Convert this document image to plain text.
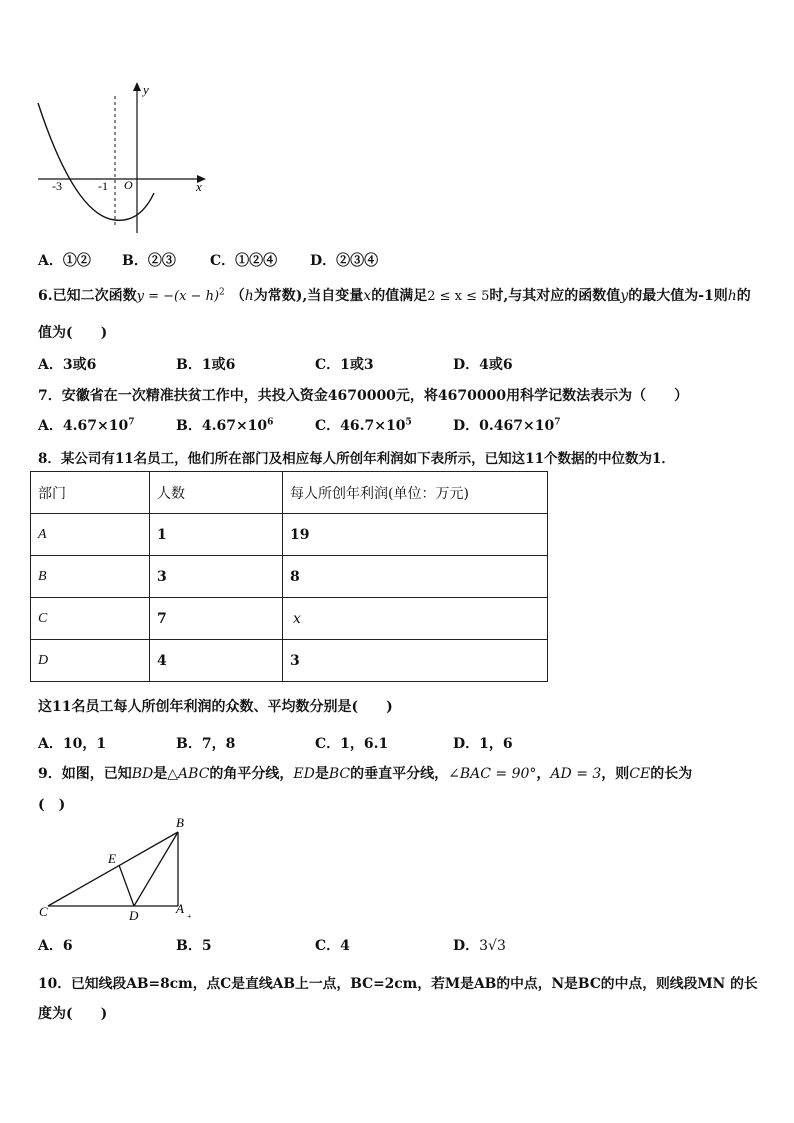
y
x
-3	-1 O
A．①② B．②③ C．①②④ D．②③④
6.已知二次函数$y = -(x - h)^2$ （h为常数),当自变量x的值满足2 ≤ x ≤ 5时,与其对应的函数值y的最大值为-1则h的
值为(　　)
A．3或6	B．1或6	C．1或3	D．4或6
7．安徽省在一次精准扶贫工作中，共投入资金4670000元，将4670000用科学记数法表示为（　　）
A．$4.67\times 10^7$	B．$4.67\times 10^6$	C．$46.7\times 10^5$	D．$0.467\times 10^7$
8．某公司有11名员工，他们所在部门及相应每人所创年利润如下表所示，已知这11个数据的中位数为1．
部门	人数	每人所创年利润(单位：万元)
A	1	19
B	3	8
C	7	x
D	4	3
这11名员工每人所创年利润的众数、平均数分别是(　　)
A．10，1	B．7，8	C．1，6.1	D．1，6
9．如图，已知BD是△ABC的角平分线，ED是BC的垂直平分线，∠BAC = 90°，AD = 3，则CE的长为
(　)
B
E
C	D	A
+
A．6	B．5	C．4	D．3√3
10．已知线段AB=8cm，点C是直线AB上一点，BC=2cm，若M是AB的中点，N是BC的中点，则线段MN 的长
度为(　　)
